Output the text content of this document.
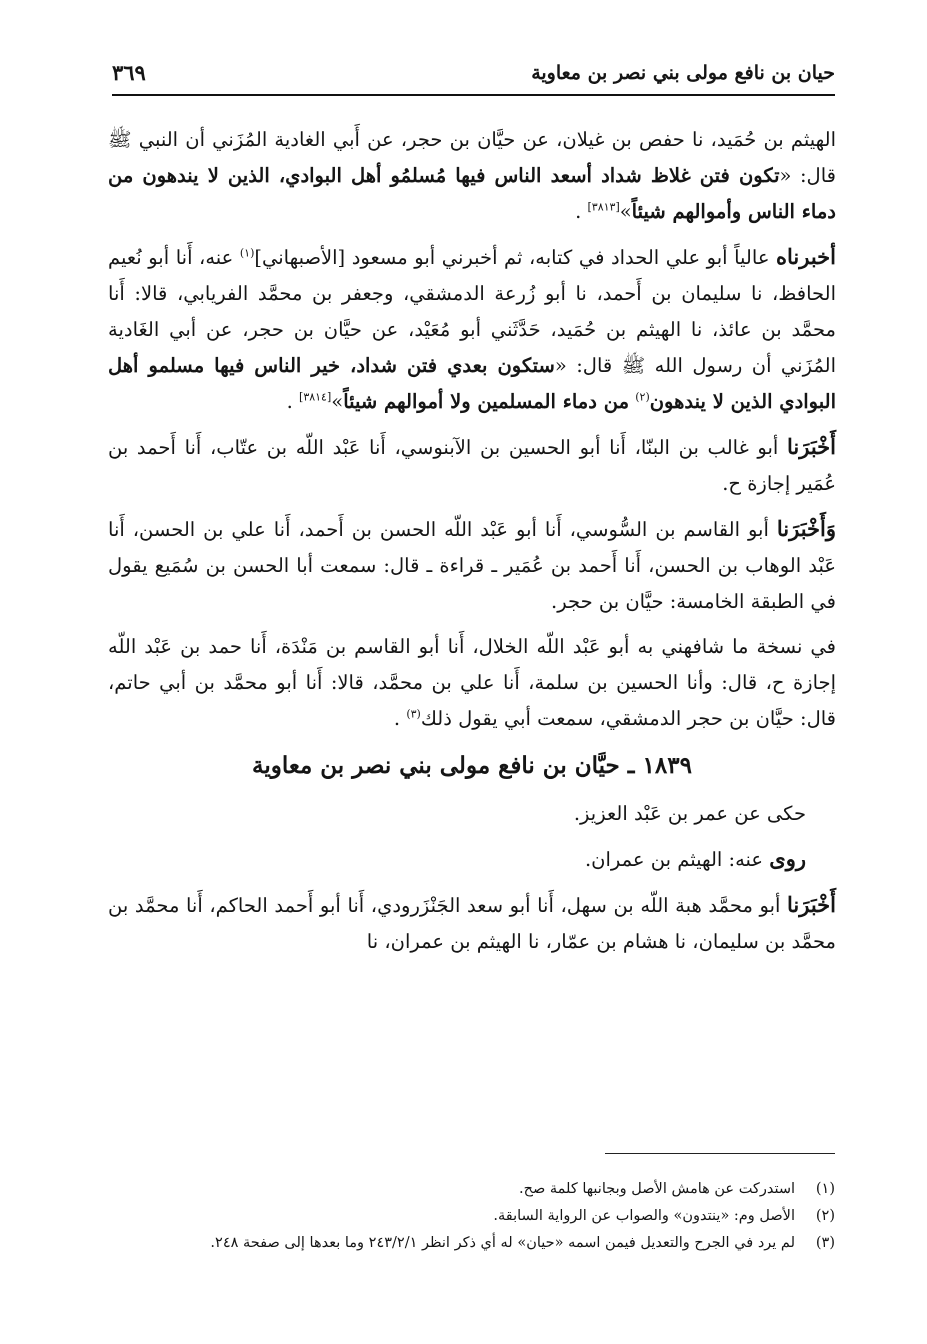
حيان بن نافع مولى بني نصر بن معاوية
٣٦٩

الهيثم بن حُمَيد، نا حفص بن غيلان، عن حيَّان بن حجر، عن أَبي الغادية المُزَني أن النبي ﷺ قال: «تكون فتن غلاظ شداد أسعد الناس فيها مُسلمُو أهل البوادي، الذين لا يندهون من دماء الناس وأموالهم شيئاً»[٣٨١٣] .

أخبرناه عالياً أبو علي الحداد في كتابه، ثم أخبرني أبو مسعود [الأصبهاني]$^{(١)}$ عنه، أَنا أبو نُعيم الحافظ، نا سليمان بن أَحمد، نا أبو زُرعة الدمشقي، وجعفر بن محمَّد الفريابي، قالا: أَنا محمَّد بن عائذ، نا الهيثم بن حُمَيد، حَدَّثَني أبو مُعَيْد، عن حيَّان بن حجر، عن أبي الغَادية المُزَني أن رسول الله ﷺ قال: «ستكون بعدي فتن شداد، خير الناس فيها مسلمو أهل البوادي الذين لا يندهون$^{(٢)}$ من دماء المسلمين ولا أموالهم شيئاً»[٣٨١٤] .

أَخْبَرَنا أبو غالب بن البنّا، أَنا أبو الحسين بن الآبنوسي، أَنا عَبْد اللّه بن عتّاب، أَنا أَحمد بن عُمَير إجازة ح.

وَأَخْبَرَنا أبو القاسم بن السُّوسي، أَنا أبو عَبْد اللّه الحسن بن أَحمد، أَنا علي بن الحسن، أَنا عَبْد الوهاب بن الحسن، أَنا أَحمد بن عُمَير ـ قراءة ـ قال: سمعت أبا الحسن بن سُمَيع يقول في الطبقة الخامسة: حيَّان بن حجر.

في نسخة ما شافهني به أبو عَبْد اللّه الخلال، أَنا أبو القاسم بن مَنْدَة، أَنا حمد بن عَبْد اللّه إجازة ح، قال: وأنا الحسين بن سلمة، أَنا علي بن محمَّد، قالا: أَنا أبو محمَّد بن أبي حاتم، قال: حيَّان بن حجر الدمشقي، سمعت أبي يقول ذلك$^{(٣)}$ .

١٨٣٩ ـ حيَّان بن نافع مولى بني نصر بن معاوية

حكى عن عمر بن عَبْد العزيز.

روى عنه: الهيثم بن عمران.

أَخْبَرَنا أبو محمَّد هبة اللّه بن سهل، أَنا أبو سعد الجَنْزَرودي، أَنا أبو أَحمد الحاكم، أَنا محمَّد بن محمَّد بن سليمان، نا هشام بن عمّار، نا الهيثم بن عمران، نا

(١)استدركت عن هامش الأصل وبجانبها كلمة صح.
(٢)الأصل وم: «ينتدون» والصواب عن الرواية السابقة.
(٣)لم يرد في الجرح والتعديل فيمن اسمه «حيان» له أي ذكر انظر ٢٤٣/٢/١ وما بعدها إلى صفحة ٢٤٨.
